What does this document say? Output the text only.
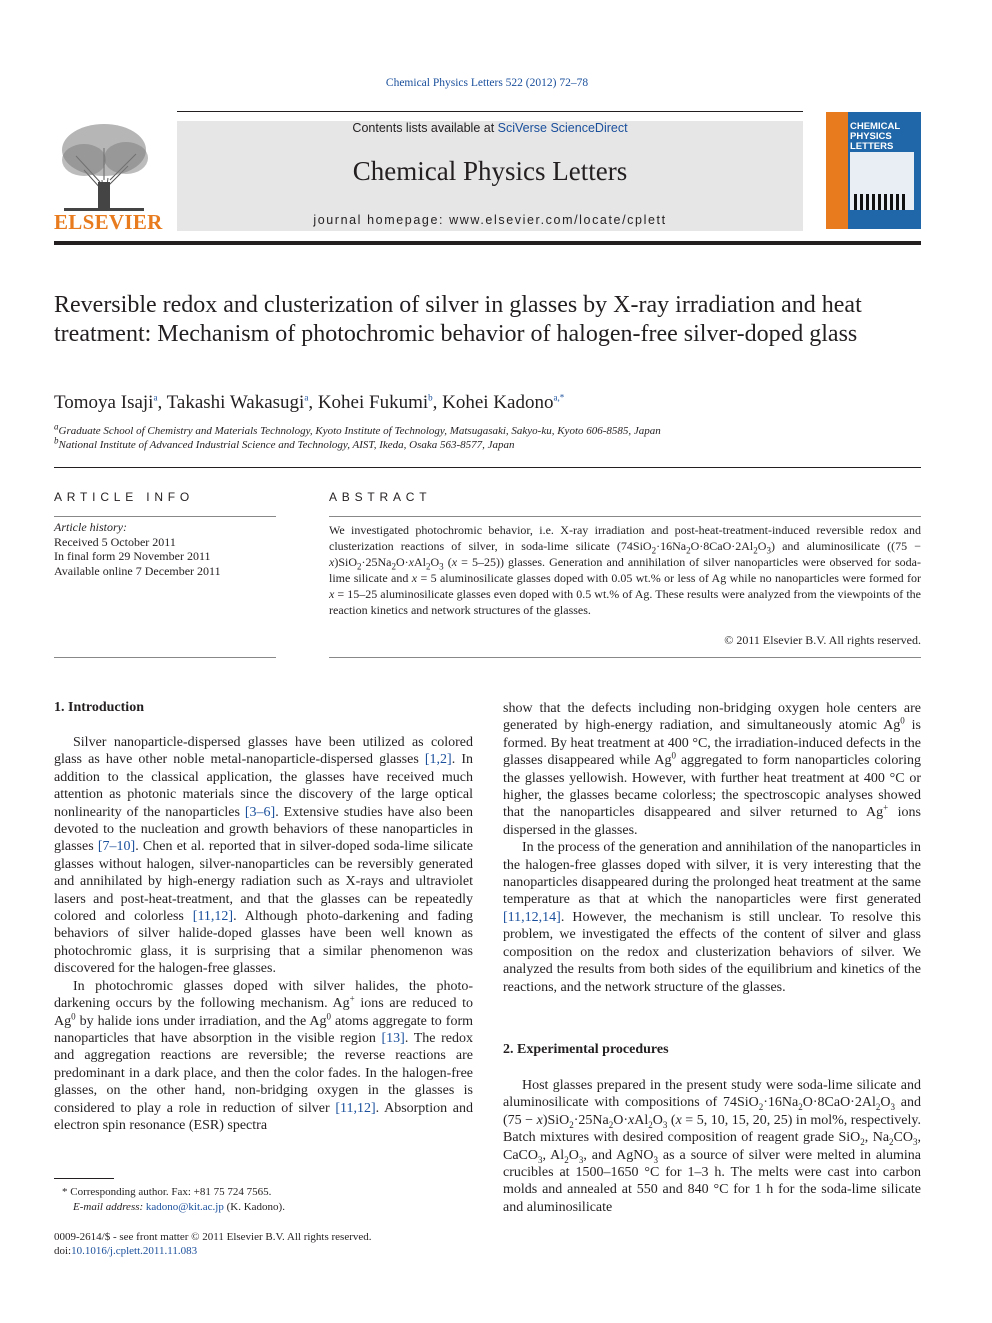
Chemical Physics Letters 522 (2012) 72–78
ELSEVIER
Contents lists available at SciVerse ScienceDirect
Chemical Physics Letters
journal homepage: www.elsevier.com/locate/cplett
CHEMICAL PHYSICS LETTERS
Reversible redox and clusterization of silver in glasses by X-ray irradiation and heat treatment: Mechanism of photochromic behavior of halogen-free silver-doped glass
Tomoya Isaji$^a$, Takashi Wakasugi$^a$, Kohei Fukumi$^b$, Kohei Kadono$^{a,*}$
$^a$Graduate School of Chemistry and Materials Technology, Kyoto Institute of Technology, Matsugasaki, Sakyo-ku, Kyoto 606-8585, Japan
$^b$National Institute of Advanced Industrial Science and Technology, AIST, Ikeda, Osaka 563-8577, Japan
ARTICLE INFO
Article history:
Received 5 October 2011
In final form 29 November 2011
Available online 7 December 2011
ABSTRACT
We investigated photochromic behavior, i.e. X-ray irradiation and post-heat-treatment-induced reversible redox and clusterization reactions of silver, in soda-lime silicate $(74SiO_2\cdot 16Na_2O\cdot 8CaO\cdot 2Al_2O_3)$ and aluminosilicate ($(75 - x)SiO_2\cdot 25Na_2O\cdot xAl_2O_3$ (x = 5–25)) glasses. Generation and annihilation of silver nanoparticles were observed for soda-lime silicate and x = 5 aluminosilicate glasses doped with 0.05 wt.% or less of Ag while no nanoparticles were formed for x = 15–25 aluminosilicate glasses even doped with 0.5 wt.% of Ag. These results were analyzed from the viewpoints of the reaction kinetics and network structures of the glasses.
© 2011 Elsevier B.V. All rights reserved.
1. Introduction

Silver nanoparticle-dispersed glasses have been utilized as colored glass as have other noble metal-nanoparticle-dispersed glasses [1,2]. In addition to the classical application, the glasses have received much attention as photonic materials since the discovery of the large optical nonlinearity of the nanoparticles [3–6]. Extensive studies have also been devoted to the nucleation and growth behaviors of these nanoparticles in glasses [7–10]. Chen et al. reported that in silver-doped soda-lime silicate glasses without halogen, silver-nanoparticles can be reversibly generated and annihilated by high-energy radiation such as X-rays and ultraviolet lasers and post-heat-treatment, and that the glasses can be repeatedly colored and colorless [11,12]. Although photo-darkening and fading behaviors of silver halide-doped glasses have been well known as photochromic glass, it is surprising that a similar phenomenon was discovered for the halogen-free glasses.

In photochromic glasses doped with silver halides, the photo-darkening occurs by the following mechanism. Ag+ ions are reduced to Ag$^0$ by halide ions under irradiation, and the Ag$^0$ atoms aggregate to form nanoparticles that have absorption in the visible region [13]. The redox and aggregation reactions are reversible; the reverse reactions are predominant in a dark place, and then the color fades. In the halogen-free glasses, on the other hand, non-bridging oxygen in the glasses is considered to play a role in reduction of silver [11,12]. Absorption and electron spin resonance (ESR) spectra

* Corresponding author. Fax: +81 75 724 7565.
E-mail address: kadono@kit.ac.jp (K. Kadono).
0009-2614/$ - see front matter © 2011 Elsevier B.V. All rights reserved.
doi:10.1016/j.cplett.2011.11.083

show that the defects including non-bridging oxygen hole centers are generated by high-energy radiation, and simultaneously atomic Ag$^0$ is formed. By heat treatment at 400 °C, the irradiation-induced defects in the glasses disappeared while Ag$^0$ aggregated to form nanoparticles coloring the glasses yellowish. However, with further heat treatment at 400 °C or higher, the glasses became colorless; the spectroscopic analyses showed that the nanoparticles disappeared and silver returned to Ag+ ions dispersed in the glasses.

In the process of the generation and annihilation of the nanoparticles in the halogen-free glasses doped with silver, it is very interesting that the nanoparticles disappeared during the prolonged heat treatment at the same temperature as that at which the nanoparticles were first generated [11,12,14]. However, the mechanism is still unclear. To resolve this problem, we investigated the effects of the content of silver and glass composition on the redox and clusterization behaviors of silver. We analyzed the results from both sides of the equilibrium and kinetics of the reactions, and the network structure of the glasses.

2. Experimental procedures

Host glasses prepared in the present study were soda-lime silicate and aluminosilicate with compositions of $74SiO_2\cdot 16Na_2O\cdot 8CaO\cdot 2Al_2O_3$ and $(75 - x)SiO_2\cdot 25Na_2O\cdot xAl_2O_3$ (x = 5, 10, 15, 20, 25) in mol%, respectively. Batch mixtures with desired composition of reagent grade SiO$_2$, $Na_2CO_3$, CaCO$_3$, $Al_2O_3$, and AgNO$_3$ as a source of silver were melted in alumina crucibles at 1500–1650 °C for 1–3 h. The melts were cast into carbon molds and annealed at 550 and 840 °C for 1 h for the soda-lime silicate and aluminosilicate
